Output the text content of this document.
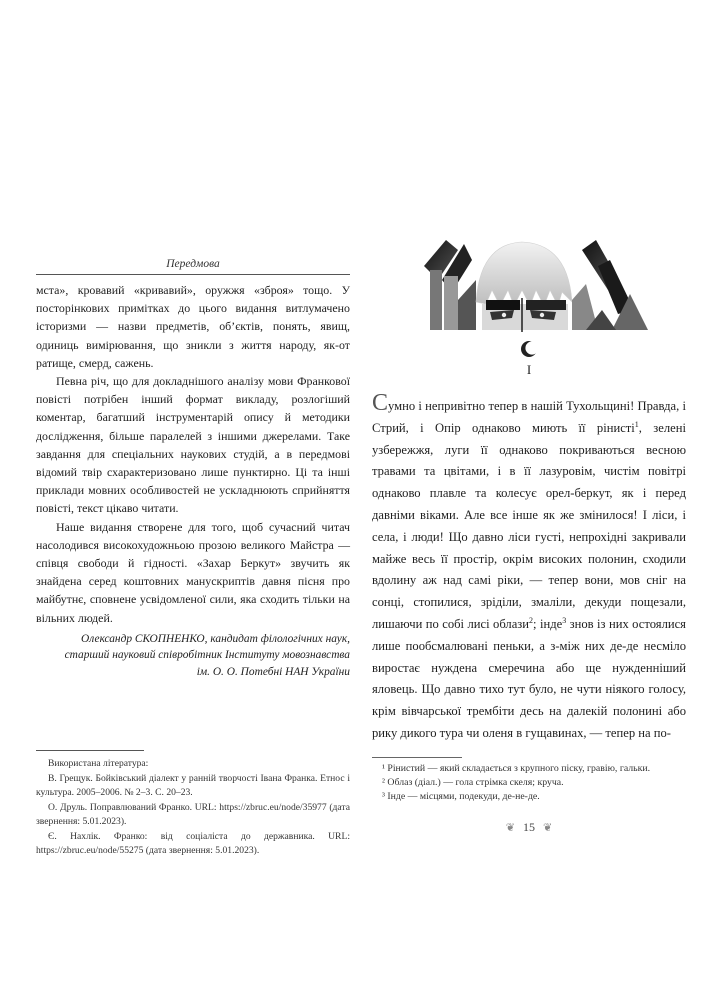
Передмова

мста», кровавий «кривавий», оружжя «зброя» тощо. У посторінкових примітках до цього видання витлумачено історизми — назви предметів, об’єктів, понять, явищ, одиниць вимірювання, що зникли з життя народу, як-от ратище, смерд, сажень.

Певна річ, що для докладнішого аналізу мови Франкової повісті потрібен інший формат викладу, розлогіший коментар, багатший інструментарій опису й методики дослідження, більше паралелей з іншими джерелами. Таке завдання для спеціальних наукових студій, а в передмові відомий твір схарактеризовано лише пунктирно. Ці та інші приклади мовних особливостей не ускладнюють сприйняття повісті, текст цікаво читати.

Наше видання створене для того, щоб сучасний читач насолодився високохудожньою прозою великого Майстра — співця свободи й гідності. «Захар Беркут» звучить як знайдена серед коштовних манускриптів давня пісня про майбутнє, сповнене усвідомленої сили, яка сходить тільки на вільних людей.

Олександр СКОПНЕНКО, кандидат філологічних наук,
старший науковий співробітник Інституту мовознавства
ім. О. О. Потебні НАН України
Використана література:
В. Грещук. Бойківський діалект у ранній творчості Івана Франка. Етнос і культура. 2005–2006. № 2–3. С. 20–23.
О. Друль. Поправлюваний Франко. URL: https://zbruc.eu/node/35977 (дата звернення: 5.01.2023).
Є. Нахлік. Франко: від соціаліста до державника. URL: https://zbruc.eu/node/55275 (дата звернення: 5.01.2023).
I

Сумно і непривітно тепер в нашій Тухольщині! Правда, і Стрий, і Опір однаково миють її рінисті$^1$, зелені узбережжя, луги її однаково покриваються весною травами та цвітами, і в її лазуровім, чистім повітрі однаково плавле та колесує орел-беркут, як і перед давніми віками. Але все інше як же змінилося! І ліси, і села, і люди! Що давно ліси густі, непрохідні закривали майже весь її простір, окрім високих полонин, сходили вдолину аж над самі ріки, — тепер вони, мов сніг на сонці, стопилися, зріділи, змаліли, декуди пощезали, лишаючи по собі лисі облази$^2$; інде$^3$ знов із них остоялися лише пообсмалювані пеньки, а з-між них де-де несміло виростає нуждена смеречина або ще нужденніший яловець. Що давно тихо тут було, не чути ніякого голосу, крім вівчарської трембіти десь на далекій полонині або рику дикого тура чи оленя в гущавинах, — тепер на по-

¹ Рінистий — який складається з крупного піску, гравію, гальки.
² Облаз (діал.) — гола стрімка скеля; круча.
³ Інде — місцями, подекуди, де-не-де.
❦ 15 ❦
